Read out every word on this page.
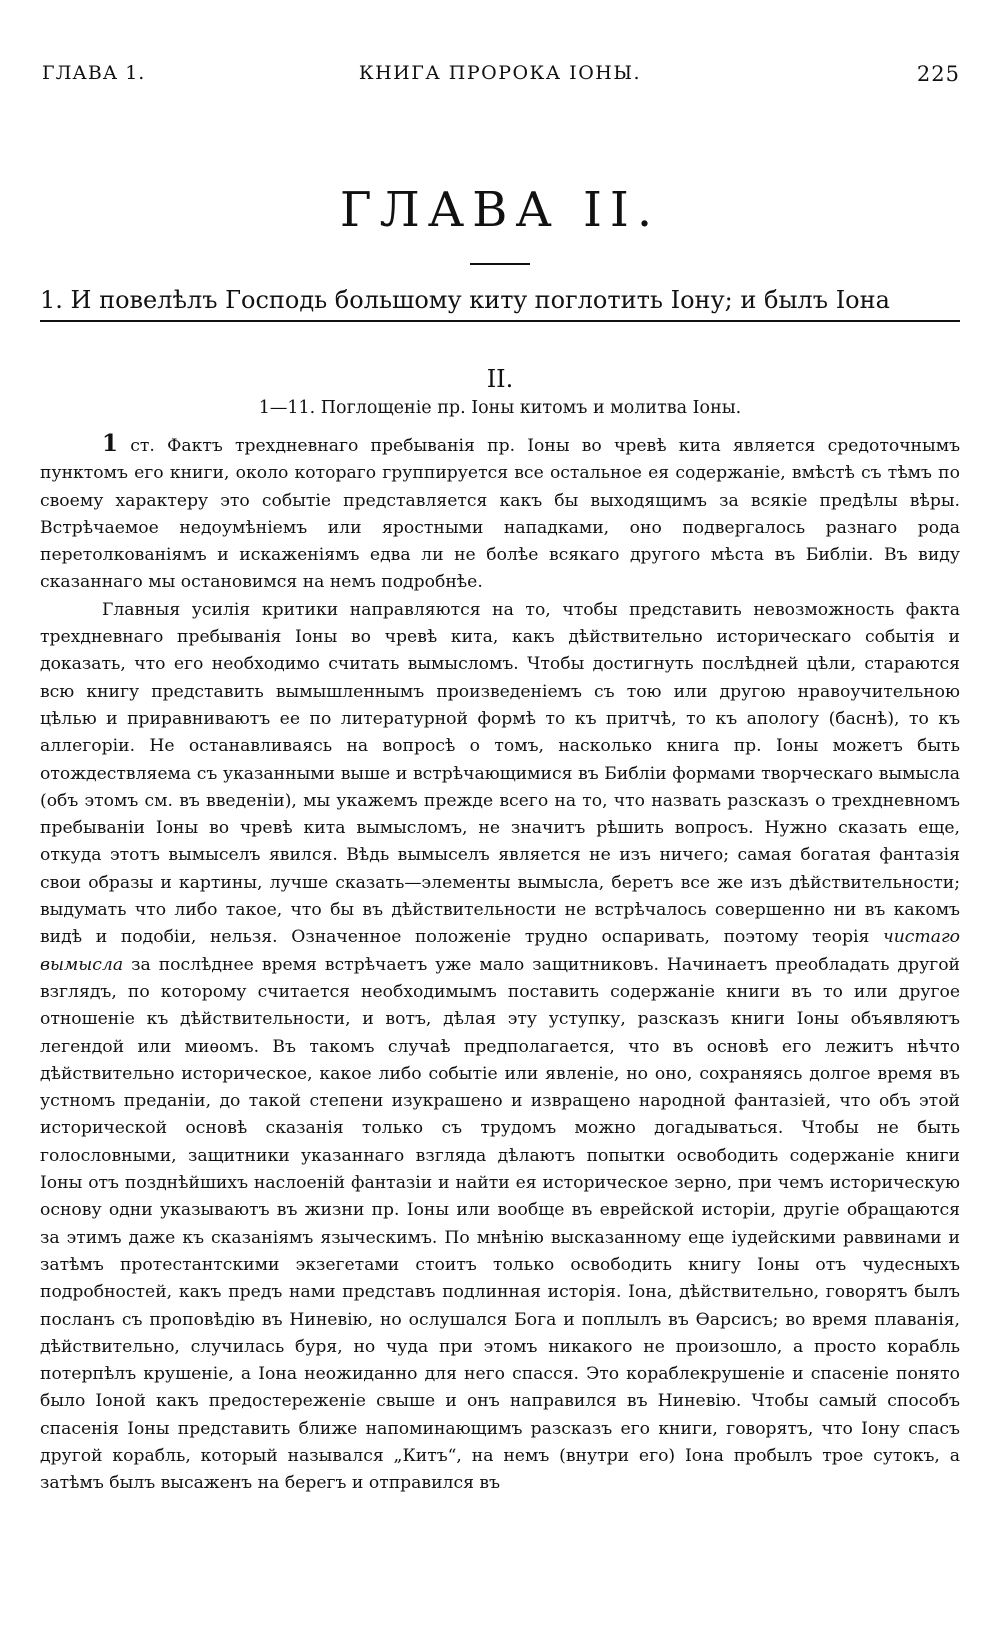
ГЛАВА 1.	КНИГА ПРОРОКА ІОНЫ.	225
ГЛАВА II.
1. И повелѣлъ Господь большому китy поглотить Іону; и былъ Іона
II.
1—11. Поглощеніе пр. Іоны китомъ и молитва Іоны.

1 ст. Фактъ трехдневнаго пребыванія пр. Іоны во чревѣ кита является средоточнымъ пунктомъ его книги, около котораго группируется все остальное ея содержаніе, вмѣстѣ съ тѣмъ по своему характеру это событіе представляется какъ бы выходящимъ за всякіе предѣлы вѣры. Встрѣчаемое недоумѣніемъ или яростными нападками, оно подвергалось разнаго рода перетолкованіямъ и искаженіямъ едва ли не болѣе всякаго другого мѣста въ Библіи. Въ виду сказаннаго мы остановимся на немъ подробнѣе.

Главныя усилія критики направляются на то, чтобы представить невозможность факта трехдневнаго пребыванія Іоны во чревѣ кита, какъ дѣйствительно историческаго событія и доказать, что его необходимо считать вымысломъ. Чтобы достигнуть послѣдней цѣли, стараются всю книгу представить вымышленнымъ произведеніемъ съ тою или другою нравоучительною цѣлью и приравниваютъ ее по литературной формѣ то къ притчѣ, то къ апологу (баснѣ), то къ аллегоріи. Не останавливаясь на вопросѣ о томъ, насколько книга пр. Іоны можетъ быть отождествляема съ указанными выше и встрѣчающимися въ Библіи формами творческаго вымысла (объ этомъ см. въ введеніи), мы укажемъ прежде всего на то, что назвать разсказъ о трехдневномъ пребываніи Іоны во чревѣ кита вымысломъ, не значитъ рѣшить вопросъ. Нужно сказать еще, откуда этотъ вымыселъ явился. Вѣдь вымыселъ является не изъ ничего; самая богатая фантазія свои образы и картины, лучше сказать—элементы вымысла, беретъ все же изъ дѣйствительности; выдумать что либо такое, что бы въ дѣйствительности не встрѣчалось совершенно ни въ какомъ видѣ и подобіи, нельзя. Означенное положеніе трудно оспаривать, поэтому теорія чистаго вымысла за послѣднее время встрѣчаетъ уже мало защитниковъ. Начинаетъ преобладать другой взглядъ, по которому считается необходимымъ поставить содержаніе книги въ то или другое отношеніе къ дѣйствительности, и вотъ, дѣлая эту уступку, разсказъ книги Іоны объявляютъ легендой или миѳомъ. Въ такомъ случаѣ предполагается, что въ основѣ его лежитъ нѣчто дѣйствительно историческое, какое либо событіе или явленіе, но оно, сохраняясь долгое время въ устномъ преданіи, до такой степени изукрашено и извращено народной фантазіей, что объ этой исторической основѣ сказанія только съ трудомъ можно догадываться. Чтобы не быть голословными, защитники указаннаго взгляда дѣлаютъ попытки освободить содержаніе книги Іоны отъ позднѣйшихъ наслоеній фантазіи и найти ея историческое зерно, при чемъ историческую основу одни указываютъ въ жизни пр. Іоны или вообще въ еврейской исторіи, другіе обращаются за этимъ даже къ сказаніямъ языческимъ. По мнѣнію высказанному еще іудейскими раввинами и затѣмъ протестантскими экзегетами стоитъ только освободить книгу Іоны отъ чудесныхъ подробностей, какъ предъ нами представъ подлинная исторія. Іона, дѣйствительно, говорятъ былъ посланъ съ проповѣдію въ Ниневію, но ослушался Бога и поплылъ въ Ѳарсисъ; во время плаванія, дѣйствительно, случилась буря, но чуда при этомъ никакого не произошло, а просто корабль потерпѣлъ крушеніе, а Іона неожиданно для него спасся. Это кораблекрушеніе и спасеніе понято было Іоной какъ предостереженіе свыше и онъ направился въ Ниневію. Чтобы самый способъ спасенія Іоны представить ближе напоминающимъ разсказъ его книги, говорятъ, что Іону спасъ другой корабль, который назывался „Китъ“, на немъ (внутри его) Іона пробылъ трое сутокъ, а затѣмъ былъ высаженъ на берегъ и отправился въ
